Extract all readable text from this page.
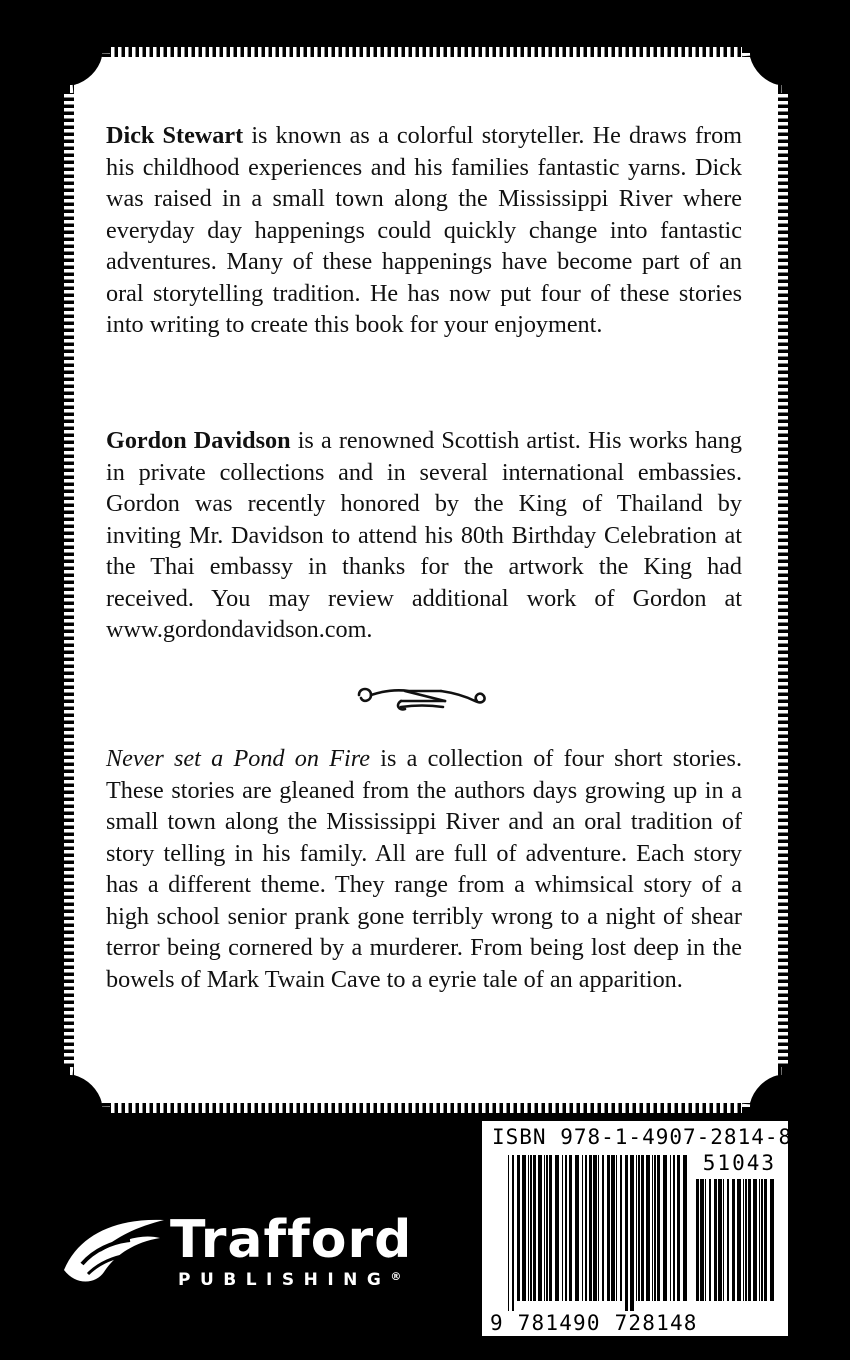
Dick Stewart is known as a colorful storyteller. He draws from his childhood experiences and his families fantastic yarns. Dick was raised in a small town along the Mississippi River where everyday day happenings could quickly change into fantastic adventures. Many of these happenings have become part of an oral storytelling tradition. He has now put four of these stories into writing to create this book for your enjoyment.

Gordon Davidson is a renowned Scottish artist. His works hang in private collections and in several international embassies. Gordon was recently honored by the King of Thailand by inviting Mr. Davidson to attend his 80th Birthday Celebration at the Thai embassy in thanks for the artwork the King had received. You may review additional work of Gordon at www.gordondavidson.com.

Never set a Pond on Fire is a collection of four short stories. These stories are gleaned from the authors days growing up in a small town along the Mississippi River and an oral tradition of story telling in his family. All are full of adventure. Each story has a different theme. They range from a whimsical story of a high school senior prank gone terribly wrong to a night of shear terror being cornered by a murderer. From being lost deep in the bowels of Mark Twain Cave to a eyrie tale of an apparition.

ISBN 978-1-4907-2814-8
51043
9 781490 728148
Trafford
PUBLISHING®
